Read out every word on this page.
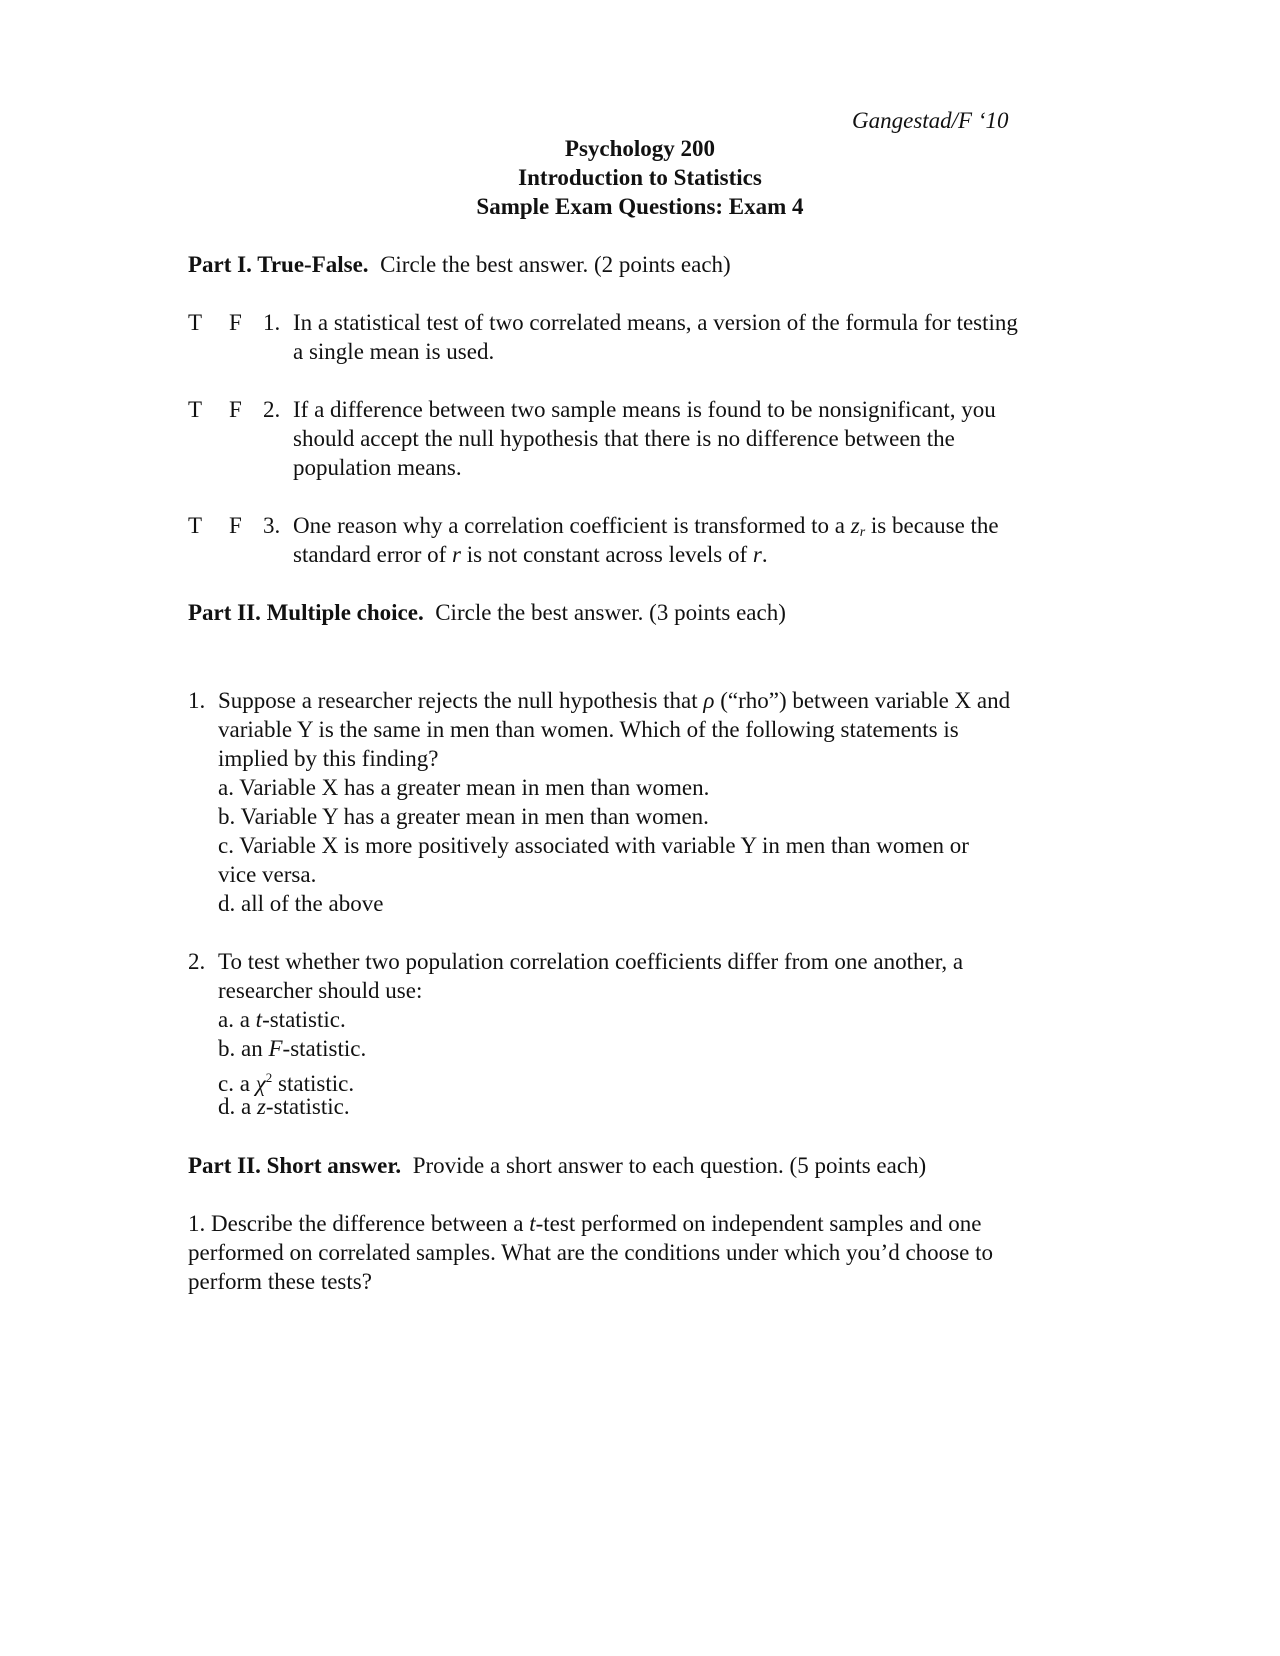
Gangestad/F ‘10
Psychology 200
Introduction to Statistics
Sample Exam Questions: Exam 4
Part I. True-False. Circle the best answer. (2 points each)
T F 1. In a statistical test of two correlated means, a version of the formula for testing
a single mean is used.
T F 2. If a difference between two sample means is found to be nonsignificant, you
should accept the null hypothesis that there is no difference between the
population means.
T F 3. One reason why a correlation coefficient is transformed to a $z_r$ is because the
standard error of r is not constant across levels of r.
Part II. Multiple choice. Circle the best answer. (3 points each)
1. Suppose a researcher rejects the null hypothesis that ρ (“rho”) between variable X and
variable Y is the same in men than women. Which of the following statements is
implied by this finding?
a. Variable X has a greater mean in men than women.
b. Variable Y has a greater mean in men than women.
c. Variable X is more positively associated with variable Y in men than women or
vice versa.
d. all of the above
2. To test whether two population correlation coefficients differ from one another, a
researcher should use:
a. a t-statistic.
b. an F-statistic.
c. a $\chi^2$ statistic.
d. a z-statistic.
Part II. Short answer. Provide a short answer to each question. (5 points each)
1. Describe the difference between a t-test performed on independent samples and one
performed on correlated samples. What are the conditions under which you’d choose to
perform these tests?
